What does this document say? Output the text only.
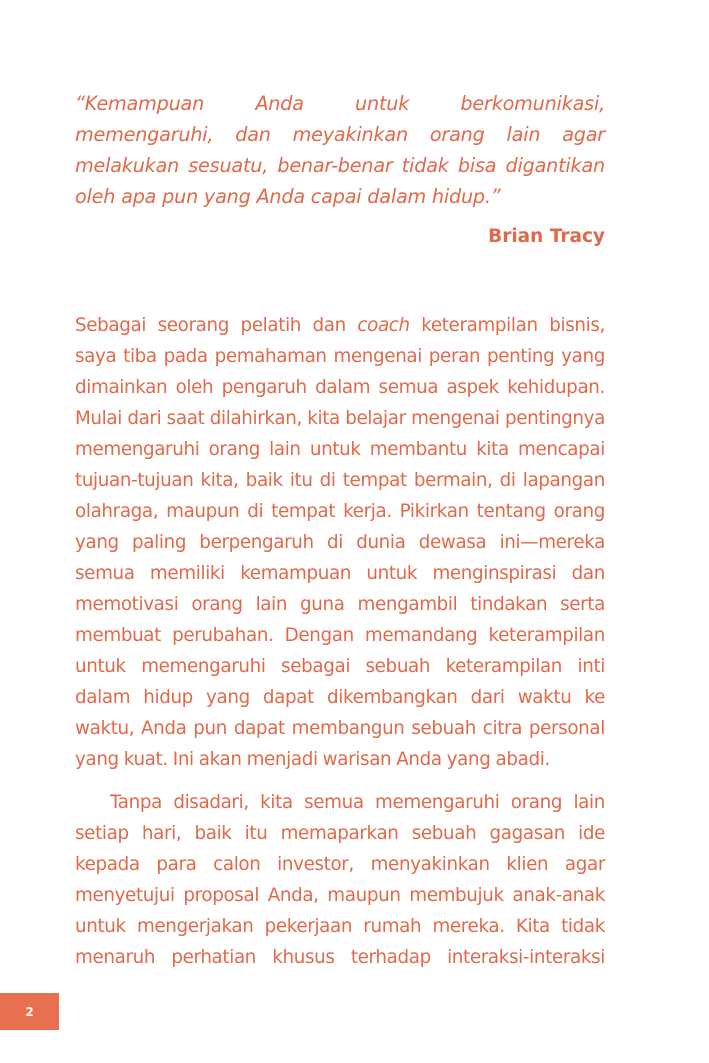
“Kemampuan Anda untuk berkomunikasi, memengaruhi, dan meyakinkan orang lain agar melakukan sesuatu, benar-benar tidak bisa digantikan oleh apa pun yang Anda capai dalam hidup.”

Brian Tracy

Sebagai seorang pelatih dan coach keterampilan bisnis, saya tiba pada pemahaman mengenai peran penting yang dimainkan oleh pengaruh dalam semua aspek kehidupan. Mulai dari saat dilahirkan, kita belajar mengenai pentingnya memengaruhi orang lain untuk membantu kita mencapai tujuan-tujuan kita, baik itu di tempat bermain, di lapangan olahraga, maupun di tempat kerja. Pikirkan tentang orang yang paling berpengaruh di dunia dewasa ini—mereka semua memiliki kemampuan untuk menginspirasi dan memotivasi orang lain guna mengambil tindakan serta membuat perubahan. Dengan memandang keterampilan untuk memengaruhi sebagai sebuah keterampilan inti dalam hidup yang dapat dikembangkan dari waktu ke waktu, Anda pun dapat membangun sebuah citra personal yang kuat. Ini akan menjadi warisan Anda yang abadi.

Tanpa disadari, kita semua memengaruhi orang lain setiap hari, baik itu memaparkan sebuah gagasan ide kepada para calon investor, menyakinkan klien agar menyetujui proposal Anda, maupun membujuk anak-anak untuk mengerjakan pekerjaan rumah mereka. Kita tidak menaruh perhatian khusus terhadap interaksi-interaksi

2
